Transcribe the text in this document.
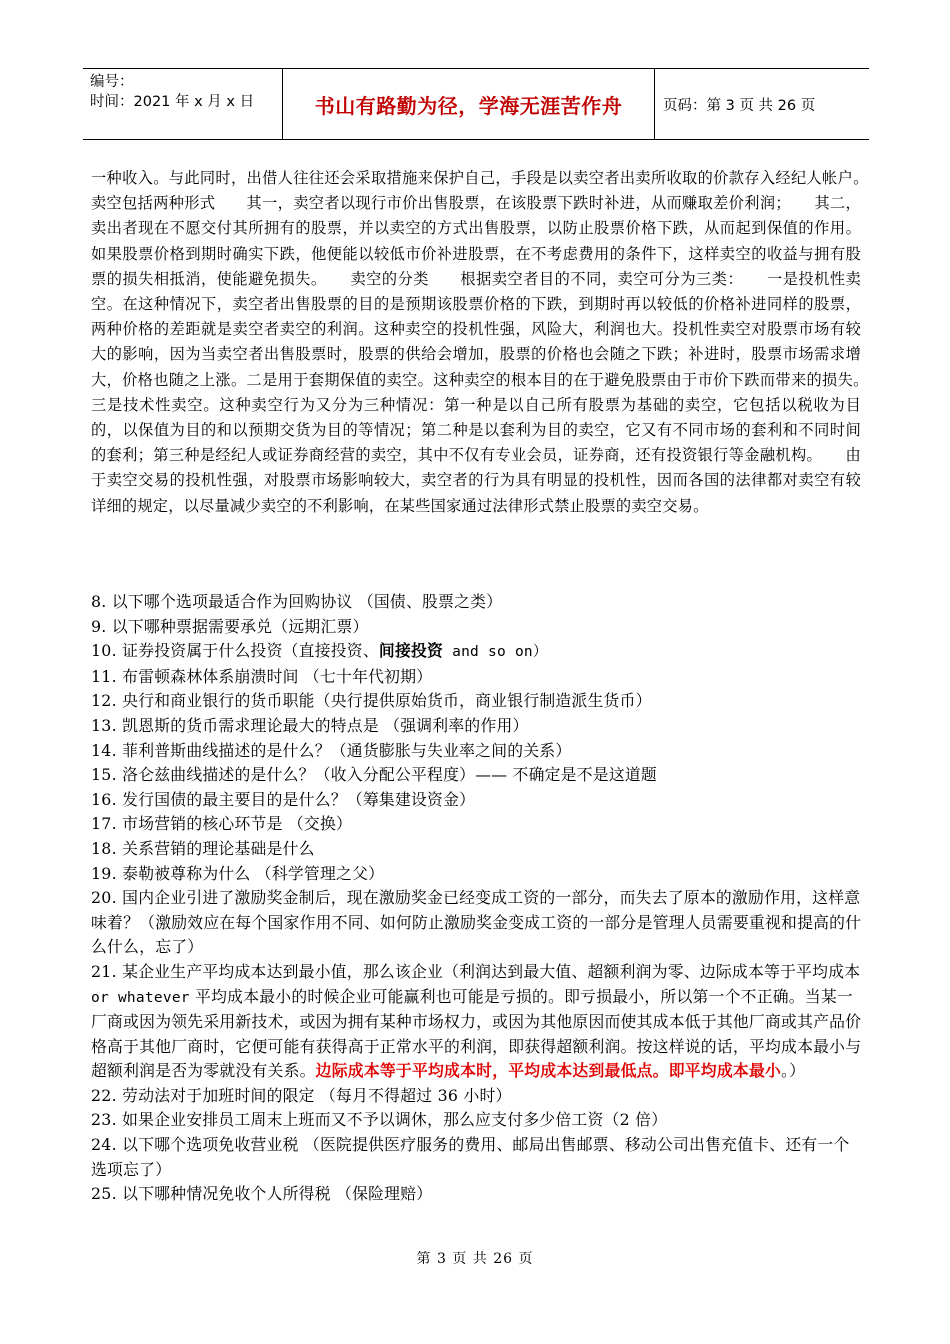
编号：
时间：2021 年 x 月 x 日	书山有路勤为径，学海无涯苦作舟	页码：第 3 页 共 26 页

一种收入。与此同时，出借人往往还会采取措施来保护自己，手段是以卖空者出卖所收取的价款存入经纪人帐户。　　卖空包括两种形式　　其一，卖空者以现行市价出售股票，在该股票下跌时补进，从而赚取差价利润；　　其二，卖出者现在不愿交付其所拥有的股票，并以卖空的方式出售股票，以防止股票价格下跌，从而起到保值的作用。如果股票价格到期时确实下跌，他便能以较低市价补进股票，在不考虑费用的条件下，这样卖空的收益与拥有股票的损失相抵消，使能避免损失。　　卖空的分类　　根据卖空者目的不同，卖空可分为三类：　　一是投机性卖空。在这种情况下，卖空者出售股票的目的是预期该股票价格的下跌，到期时再以较低的价格补进同样的股票，两种价格的差距就是卖空者卖空的利润。这种卖空的投机性强，风险大，利润也大。投机性卖空对股票市场有较大的影响，因为当卖空者出售股票时，股票的供给会增加，股票的价格也会随之下跌；补进时，股票市场需求增大，价格也随之上涨。二是用于套期保值的卖空。这种卖空的根本目的在于避免股票由于市价下跌而带来的损失。　　三是技术性卖空。这种卖空行为又分为三种情况：第一种是以自己所有股票为基础的卖空，它包括以税收为目的，以保值为目的和以预期交货为目的等情况；第二种是以套利为目的卖空，它又有不同市场的套利和不同时间的套利；第三种是经纪人或证券商经营的卖空，其中不仅有专业会员，证券商，还有投资银行等金融机构。　　由于卖空交易的投机性强，对股票市场影响较大，卖空者的行为具有明显的投机性，因而各国的法律都对卖空有较详细的规定，以尽量减少卖空的不利影响，在某些国家通过法律形式禁止股票的卖空交易。

8. 以下哪个选项最适合作为回购协议 （国债、股票之类）
9. 以下哪种票据需要承兑（远期汇票）
10. 证券投资属于什么投资（直接投资、间接投资 and so on）
11. 布雷顿森林体系崩溃时间 （七十年代初期）
12. 央行和商业银行的货币职能（央行提供原始货币，商业银行制造派生货币）
13. 凯恩斯的货币需求理论最大的特点是 （强调利率的作用）
14. 菲利普斯曲线描述的是什么？（通货膨胀与失业率之间的关系）
15. 洛仑兹曲线描述的是什么？（收入分配公平程度）—— 不确定是不是这道题
16. 发行国债的最主要目的是什么？（筹集建设资金）
17. 市场营销的核心环节是 （交换）
18. 关系营销的理论基础是什么
19. 泰勒被尊称为什么 （科学管理之父）
20. 国内企业引进了激励奖金制后，现在激励奖金已经变成工资的一部分，而失去了原本的激励作用，这样意味着？（激励效应在每个国家作用不同、如何防止激励奖金变成工资的一部分是管理人员需要重视和提高的什么什么，忘了）
21. 某企业生产平均成本达到最小值，那么该企业（利润达到最大值、超额利润为零、边际成本等于平均成本 or whatever 平均成本最小的时候企业可能赢利也可能是亏损的。即亏损最小，所以第一个不正确。当某一厂商或因为领先采用新技术，或因为拥有某种市场权力，或因为其他原因而使其成本低于其他厂商或其产品价格高于其他厂商时，它便可能有获得高于正常水平的利润，即获得超额利润。按这样说的话，平均成本最小与超额利润是否为零就没有关系。边际成本等于平均成本时，平均成本达到最低点。即平均成本最小。）
22. 劳动法对于加班时间的限定 （每月不得超过 36 小时）
23. 如果企业安排员工周末上班而又不予以调休，那么应支付多少倍工资（2 倍）
24. 以下哪个选项免收营业税 （医院提供医疗服务的费用、邮局出售邮票、移动公司出售充值卡、还有一个选项忘了）
25. 以下哪种情况免收个人所得税 （保险理赔）
第 3 页 共 26 页
